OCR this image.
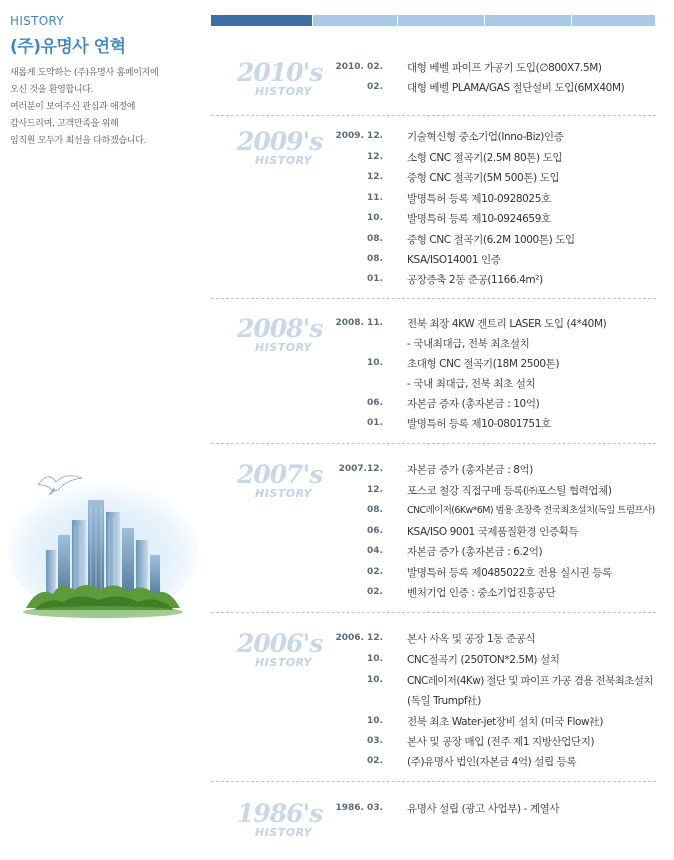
HISTORY
(주)유명사 연혁
새롭게 도약하는 (주)유명사 홈페이지에
오신 것을 환영합니다.
여러분이 보여주신 관심과 애정에
감사드리며, 고객만족을 위해
임직원 모두가 최선을 다하겠습니다.
2010's
HISTORY
2010. 02. 대형 베벨 파이프 가공기 도입(∅800X7.5M)
02. 대형 베벨 PLAMA/GAS 절단설비 도입(6MX40M)
2009's
HISTORY
2009. 12. 기술혁신형 중소기업(Inno-Biz)인증
12. 소형 CNC 절곡기(2.5M 80톤) 도입
12. 중형 CNC 절곡기(5M 500톤) 도입
11. 발명특허 등록 제10-0928025호
10. 발명특허 등록 제10-0924659호
08. 중형 CNC 절곡기(6.2M 1000톤) 도입
08. KSA/ISO14001 인증
01. 공장증축 2동 준공(1166.4m²)
2008's
HISTORY
2008. 11. 전북 최장 4KW 겐트리 LASER 도입 (4*40M)
- 국내최대급, 전북 최초설치
10. 초대형 CNC 절곡기(18M 2500톤)
- 국내 최대급, 전북 최초 설치
06. 자본금 증자 (총자본금 : 10억)
01. 발명특허 등록 제10-0801751호
2007's
HISTORY
2007.12. 자본금 증가 (총자본금 : 8억)
12. 포스코 철강 직접구매 등록(㈜포스틸 협력업체)
08.	CNC레이저(6Kw*6M) 범용 초장축 전국최초설치(독일 트럼프사)
06. KSA/ISO 9001 국제품질환경 인증획득
04. 자본금 증가 (총자본금 : 6.2억)
02. 발명특허 등록 제0485022호 전용 실시권 등록
02. 벤처기업 인증 : 중소기업진흥공단
2006's
HISTORY
2006. 12. 본사 사옥 및 공장 1동 준공식
10. CNC절곡기 (250TON*2.5M) 설치
10. CNC레이저(4Kw) 절단 및 파이프 가공 겸용 전북최초설치
(독일 Trumpf社)
10. 전북 최초 Water-jet장비 설치 (미국 Flow社)
03. 본사 및 공장 매입 (전주 제1 지방산업단지)
02. (주)유명사 법인(자본금 4억) 설립 등록
1986's
HISTORY
1986. 03. 유명사 설립 (광고 사업부) - 계열사
